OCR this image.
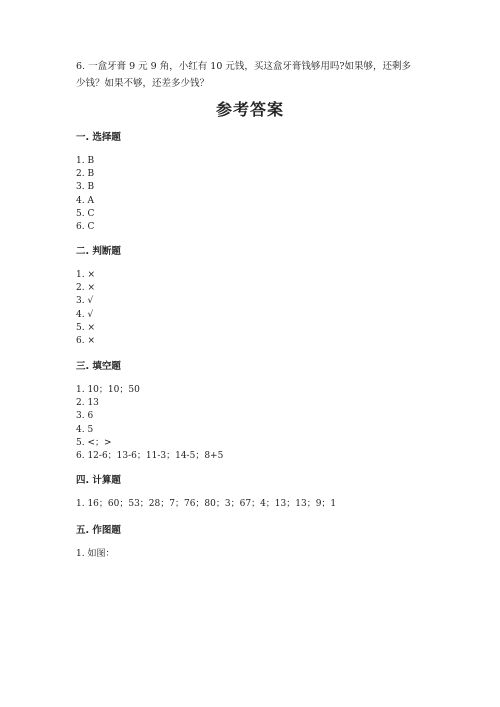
6. 一盒牙膏 9 元 9 角，小红有 10 元钱，买这盒牙膏钱够用吗?如果够，还剩多
少钱？如果不够，还差多少钱？
参考答案
一. 选择题
1. B
2. B
3. B
4. A
5. C
6. C
二. 判断题
1. ×
2. ×
3. √
4. √
5. ×
6. ×
三. 填空题
1. 10；10；50
2. 13
3. 6
4. 5
5. <；>
6. 12-6；13-6；11-3；14-5；8+5
四. 计算题
1. 16；60；53；28；7；76；80；3；67；4；13；13；9；1
五. 作图题
1. 如图：
